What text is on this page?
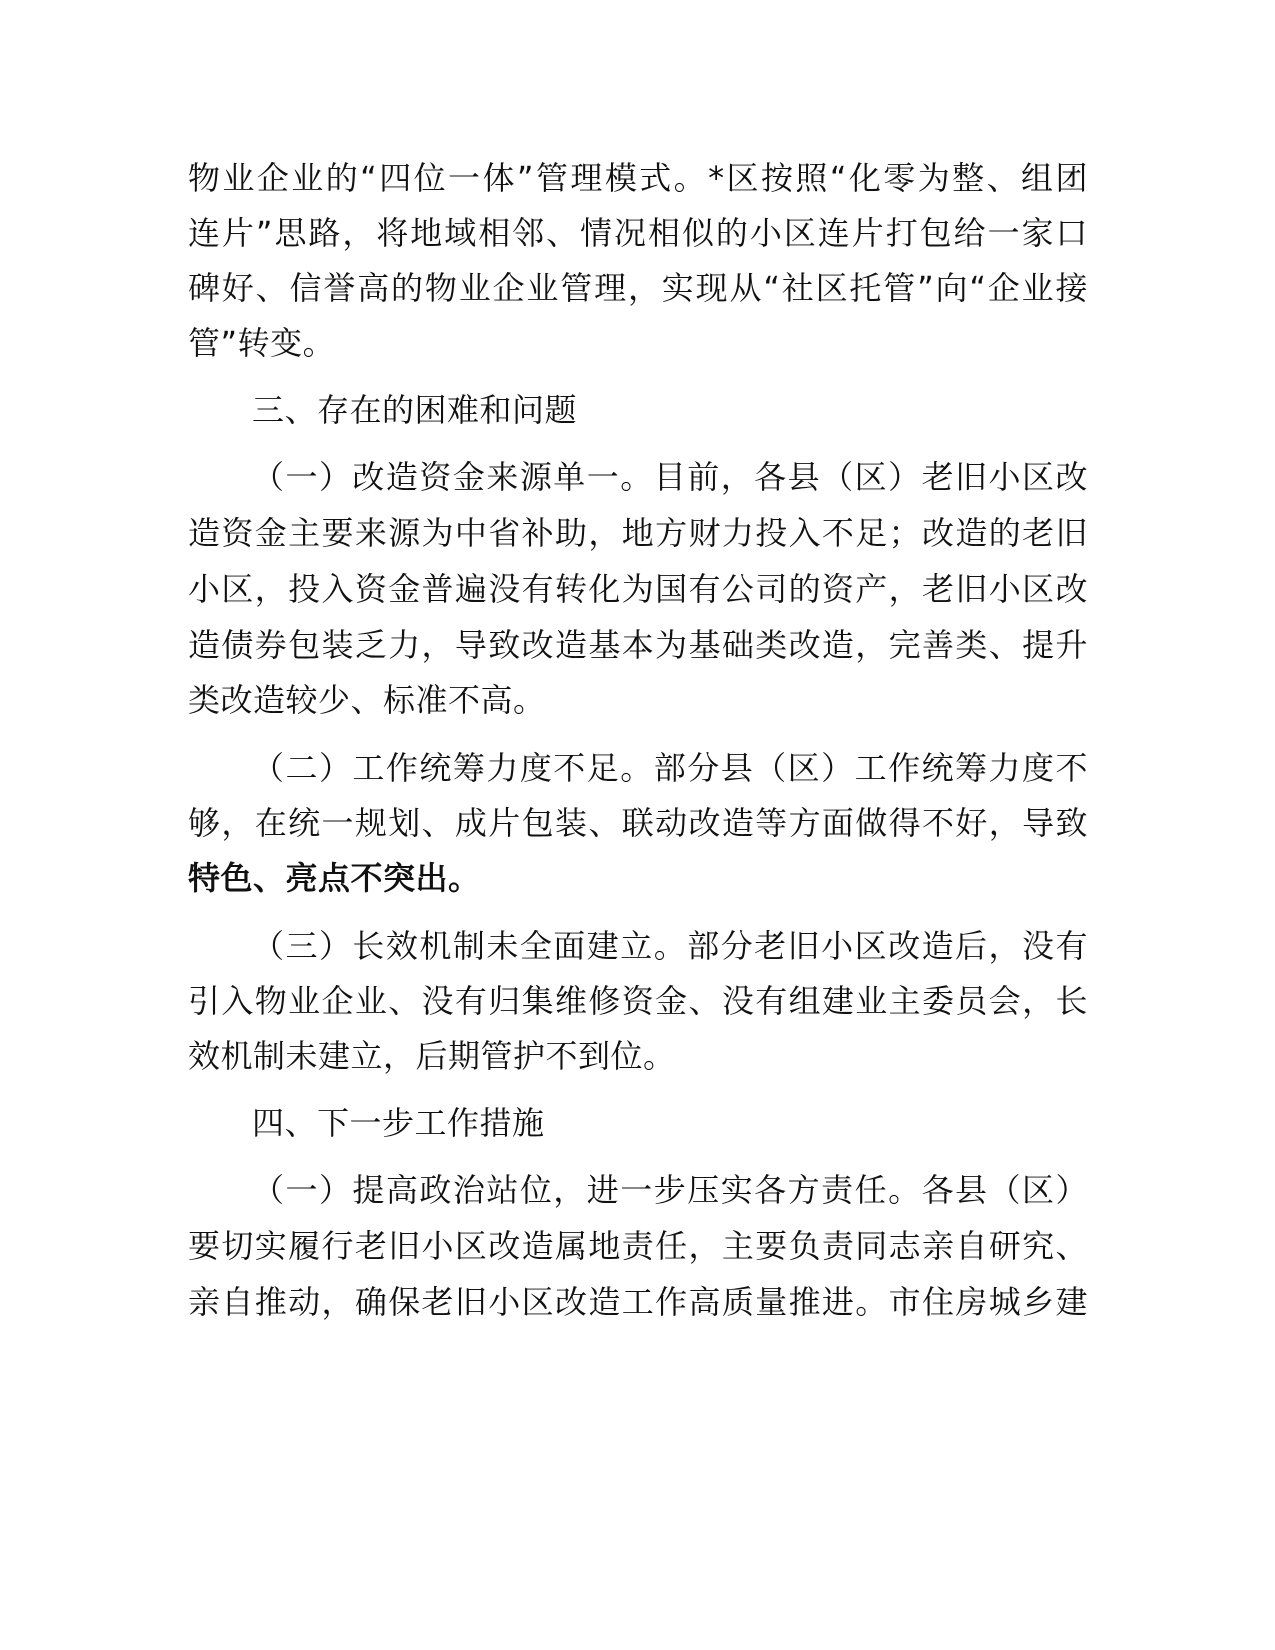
物业企业的“四位一体”管理模式。*区按照“化零为整、组团
连片”思路，将地域相邻、情况相似的小区连片打包给一家口
碑好、信誉高的物业企业管理，实现从“社区托管”向“企业接
管”转变。
三、存在的困难和问题
（一）改造资金来源单一。目前，各县（区）老旧小区改
造资金主要来源为中省补助，地方财力投入不足；改造的老旧
小区，投入资金普遍没有转化为国有公司的资产，老旧小区改
造债券包装乏力，导致改造基本为基础类改造，完善类、提升
类改造较少、标准不高。
（二）工作统筹力度不足。部分县（区）工作统筹力度不
够，在统一规划、成片包装、联动改造等方面做得不好，导致
特色、亮点不突出。
（三）长效机制未全面建立。部分老旧小区改造后，没有
引入物业企业、没有归集维修资金、没有组建业主委员会，长
效机制未建立，后期管护不到位。
四、下一步工作措施
（一）提高政治站位，进一步压实各方责任。各县（区）
要切实履行老旧小区改造属地责任，主要负责同志亲自研究、
亲自推动，确保老旧小区改造工作高质量推进。市住房城乡建
